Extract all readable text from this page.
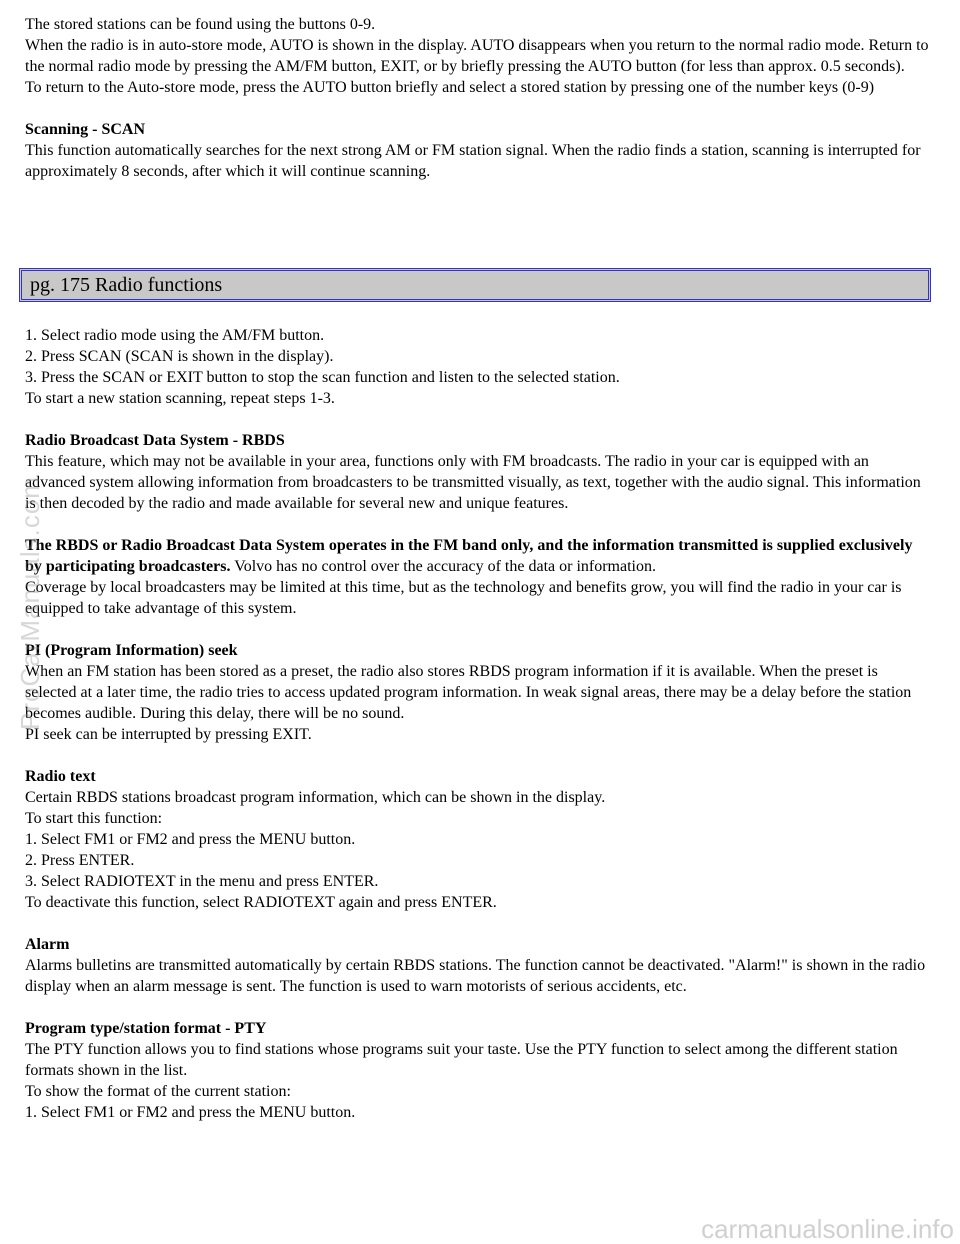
The stored stations can be found using the buttons 0-9.
When the radio is in auto-store mode, AUTO is shown in the display. AUTO disappears when you return to the normal radio mode. Return to the normal radio mode by pressing the AM/FM button, EXIT, or by briefly pressing the AUTO button (for less than approx. 0.5 seconds).
To return to the Auto-store mode, press the AUTO button briefly and select a stored station by pressing one of the number keys (0-9)
Scanning - SCAN
This function automatically searches for the next strong AM or FM station signal. When the radio finds a station, scanning is interrupted for approximately 8 seconds, after which it will continue scanning.
pg. 175 Radio functions
1. Select radio mode using the AM/FM button.
2. Press SCAN (SCAN is shown in the display).
3. Press the SCAN or EXIT button to stop the scan function and listen to the selected station.
To start a new station scanning, repeat steps 1-3.
Radio Broadcast Data System - RBDS
This feature, which may not be available in your area, functions only with FM broadcasts. The radio in your car is equipped with an advanced system allowing information from broadcasters to be transmitted visually, as text, together with the audio signal. This information is then decoded by the radio and made available for several new and unique features.
The RBDS or Radio Broadcast Data System operates in the FM band only, and the information transmitted is supplied exclusively by participating broadcasters. Volvo has no control over the accuracy of the data or information.
Coverage by local broadcasters may be limited at this time, but as the technology and benefits grow, you will find the radio in your car is equipped to take advantage of this system.
PI (Program Information) seek
When an FM station has been stored as a preset, the radio also stores RBDS program information if it is available. When the preset is selected at a later time, the radio tries to access updated program information. In weak signal areas, there may be a delay before the station becomes audible. During this delay, there will be no sound.
PI seek can be interrupted by pressing EXIT.
Radio text
Certain RBDS stations broadcast program information, which can be shown in the display.
To start this function:
1. Select FM1 or FM2 and press the MENU button.
2. Press ENTER.
3. Select RADIOTEXT in the menu and press ENTER.
To deactivate this function, select RADIOTEXT again and press ENTER.
Alarm
Alarms bulletins are transmitted automatically by certain RBDS stations. The function cannot be deactivated. "Alarm!" is shown in the radio display when an alarm message is sent. The function is used to warn motorists of serious accidents, etc.
Program type/station format - PTY
The PTY function allows you to find stations whose programs suit your taste. Use the PTY function to select among the different station formats shown in the list.
To show the format of the current station:
1. Select FM1 or FM2 and press the MENU button.
ProCarManuals.com
carmanualsonline.info
